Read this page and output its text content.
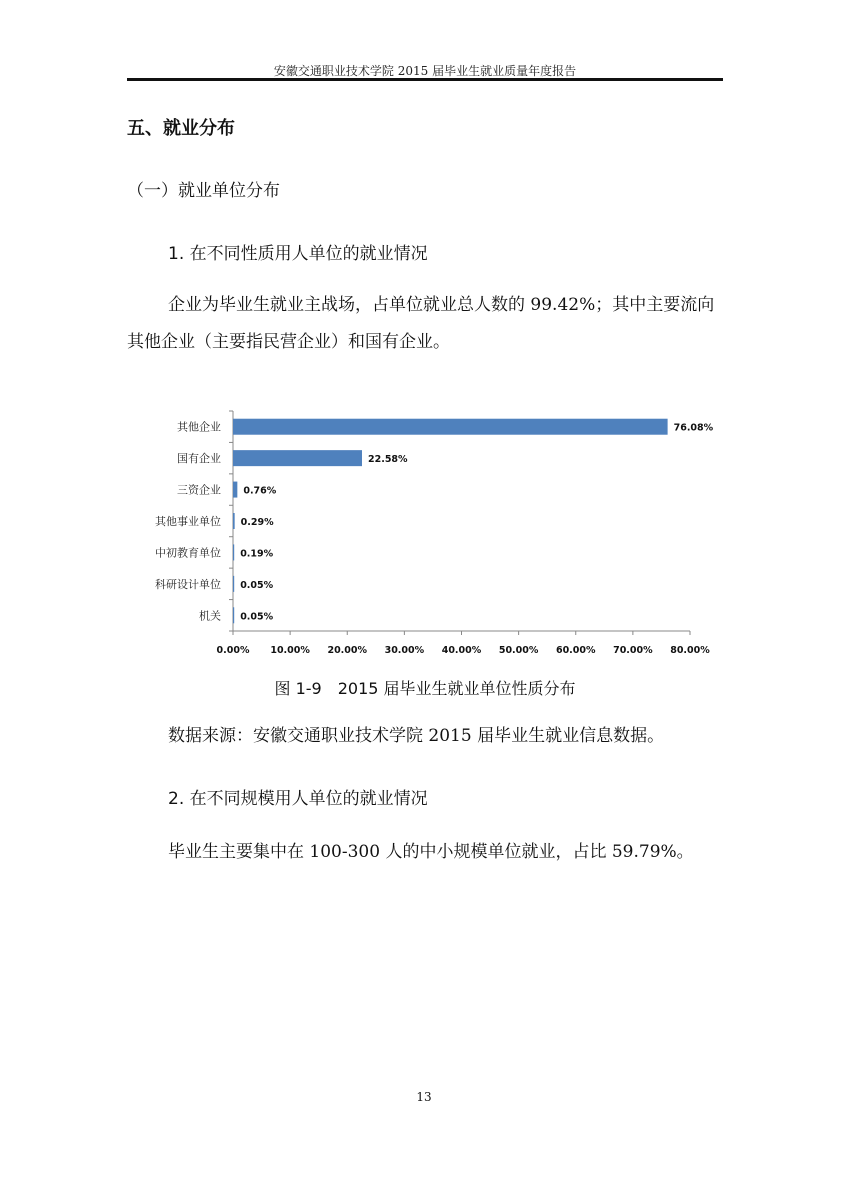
安徽交通职业技术学院 2015 届毕业生就业质量年度报告
五、就业分布
（一）就业单位分布
1. 在不同性质用人单位的就业情况
企业为毕业生就业主战场，占单位就业总人数的 99.42%；其中主要流向其他企业（主要指民营企业）和国有企业。
其他企业	76.08%
国有企业	22.58%
三资企业 0.76%
其他事业单位 0.29%
中初教育单位 0.19%
科研设计单位 0.05%
机关 0.05%
0.00% 10.00% 20.00% 30.00% 40.00% 50.00% 60.00% 70.00% 80.00%
图 1-9　2015 届毕业生就业单位性质分布
数据来源：安徽交通职业技术学院 2015 届毕业生就业信息数据。
2. 在不同规模用人单位的就业情况
毕业生主要集中在 100-300 人的中小规模单位就业，占比 59.79%。
13
